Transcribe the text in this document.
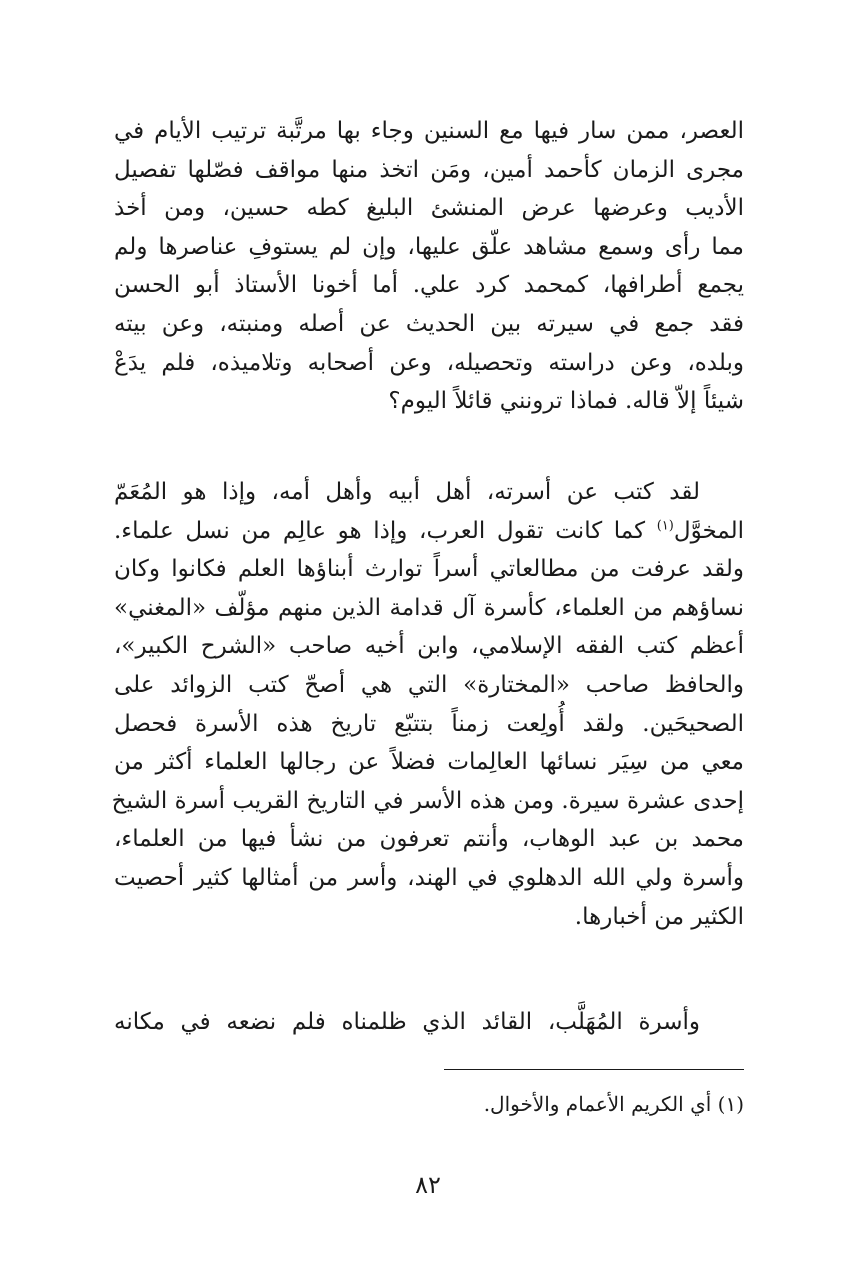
العصر، ممن سار فيها مع السنين وجاء بها مرتَّبة ترتيب الأيام في
مجرى الزمان كأحمد أمين، ومَن اتخذ منها مواقف فصّلها تفصيل
الأديب وعرضها عرض المنشئ البليغ كطه حسين، ومن أخذ
مما رأى وسمع مشاهد علّق عليها، وإن لم يستوفِ عناصرها ولم
يجمع أطرافها، كمحمد كرد علي. أما أخونا الأستاذ أبو الحسن
فقد جمع في سيرته بين الحديث عن أصله ومنبته، وعن بيته
وبلده، وعن دراسته وتحصيله، وعن أصحابه وتلاميذه، فلم يدَعْ
شيئاً إلاّ قاله. فماذا ترونني قائلاً اليوم؟
لقد كتب عن أسرته، أهل أبيه وأهل أمه، وإذا هو المُعَمّ
المخوَّل$^{(١)}$ كما كانت تقول العرب، وإذا هو عالِم من نسل علماء.
ولقد عرفت من مطالعاتي أسراً توارث أبناؤها العلم فكانوا وكان
نساؤهم من العلماء، كأسرة آل قدامة الذين منهم مؤلّف «المغني»
أعظم كتب الفقه الإسلامي، وابن أخيه صاحب «الشرح الكبير»،
والحافظ صاحب «المختارة» التي هي أصحّ كتب الزوائد على
الصحيحَين. ولقد أُولِعت زمناً بتتبّع تاريخ هذه الأسرة فحصل
معي من سِيَر نسائها العالِمات فضلاً عن رجالها العلماء أكثر من
إحدى عشرة سيرة. ومن هذه الأسر في التاريخ القريب أسرة الشيخ
محمد بن عبد الوهاب، وأنتم تعرفون من نشأ فيها من العلماء،
وأسرة ولي الله الدهلوي في الهند، وأسر من أمثالها كثير أحصيت
الكثير من أخبارها.
وأسرة المُهَلَّب، القائد الذي ظلمناه فلم نضعه في مكانه
(١) أي الكريم الأعمام والأخوال.
٨٢
